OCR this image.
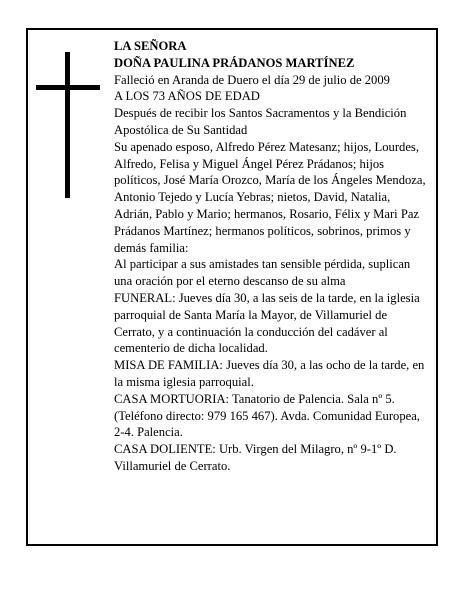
LA SEÑORA

DOÑA PAULINA PRÁDANOS MARTÍNEZ

Falleció en Aranda de Duero el día 29 de julio de 2009

A LOS 73 AÑOS DE EDAD

Después de recibir los Santos Sacramentos y la Bendición Apostólica de Su Santidad

Su apenado esposo, Alfredo Pérez Matesanz; hijos, Lourdes, Alfredo, Felisa y Miguel Ángel Pérez Prádanos; hijos políticos, José María Orozco, María de los Ángeles Mendoza, Antonio Tejedo y Lucía Yebras; nietos, David, Natalia, Adrián, Pablo y Mario; hermanos, Rosario, Félix y Mari Paz Prádanos Martínez; hermanos políticos, sobrinos, primos y demás familia:

Al participar a sus amistades tan sensible pérdida, suplican una oración por el eterno descanso de su alma

FUNERAL: Jueves día 30, a las seis de la tarde, en la iglesia parroquial de Santa María la Mayor, de Villamuriel de Cerrato, y a continuación la conducción del cadáver al cementerio de dicha localidad.

MISA DE FAMILIA: Jueves día 30, a las ocho de la tarde, en la misma iglesia parroquial.

CASA MORTUORIA: Tanatorio de Palencia. Sala nº 5. (Teléfono directo: 979 165 467). Avda. Comunidad Europea, 2-4. Palencia.

CASA DOLIENTE: Urb. Virgen del Milagro, nº 9-1º D. Villamuriel de Cerrato.
